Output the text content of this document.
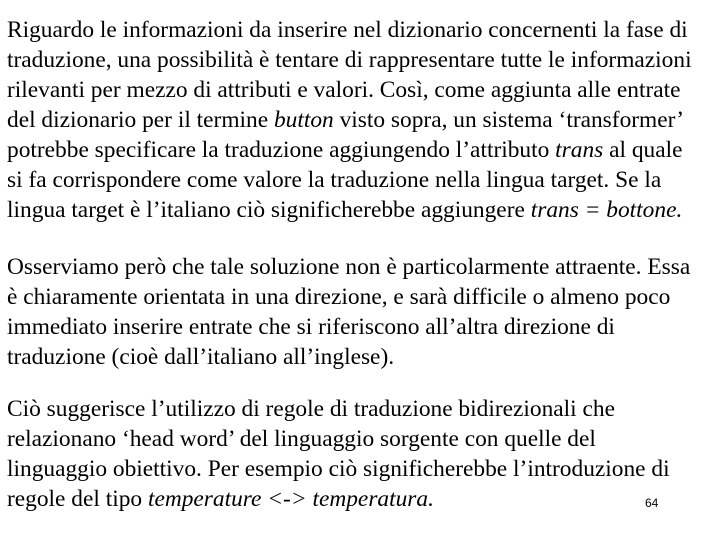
Riguardo le informazioni da inserire nel dizionario concernenti la fase di
traduzione, una possibilità è tentare di rappresentare tutte le informazioni
rilevanti per mezzo di attributi e valori. Così, come aggiunta alle entrate
del dizionario per il termine button visto sopra, un sistema ‘transformer’
potrebbe specificare la traduzione aggiungendo l’attributo trans al quale
si fa corrispondere come valore la traduzione nella lingua target. Se la
lingua target è l’italiano ciò significherebbe aggiungere trans = bottone.

Osserviamo però che tale soluzione non è particolarmente attraente. Essa
è chiaramente orientata in una direzione, e sarà difficile o almeno poco
immediato inserire entrate che si riferiscono all’altra direzione di
traduzione (cioè dall’italiano all’inglese).

Ciò suggerisce l’utilizzo di regole di traduzione bidirezionali che
relazionano ‘head word’ del linguaggio sorgente con quelle del
linguaggio obiettivo. Per esempio ciò significherebbe l’introduzione di
regole del tipo temperature <-> temperatura.	64
